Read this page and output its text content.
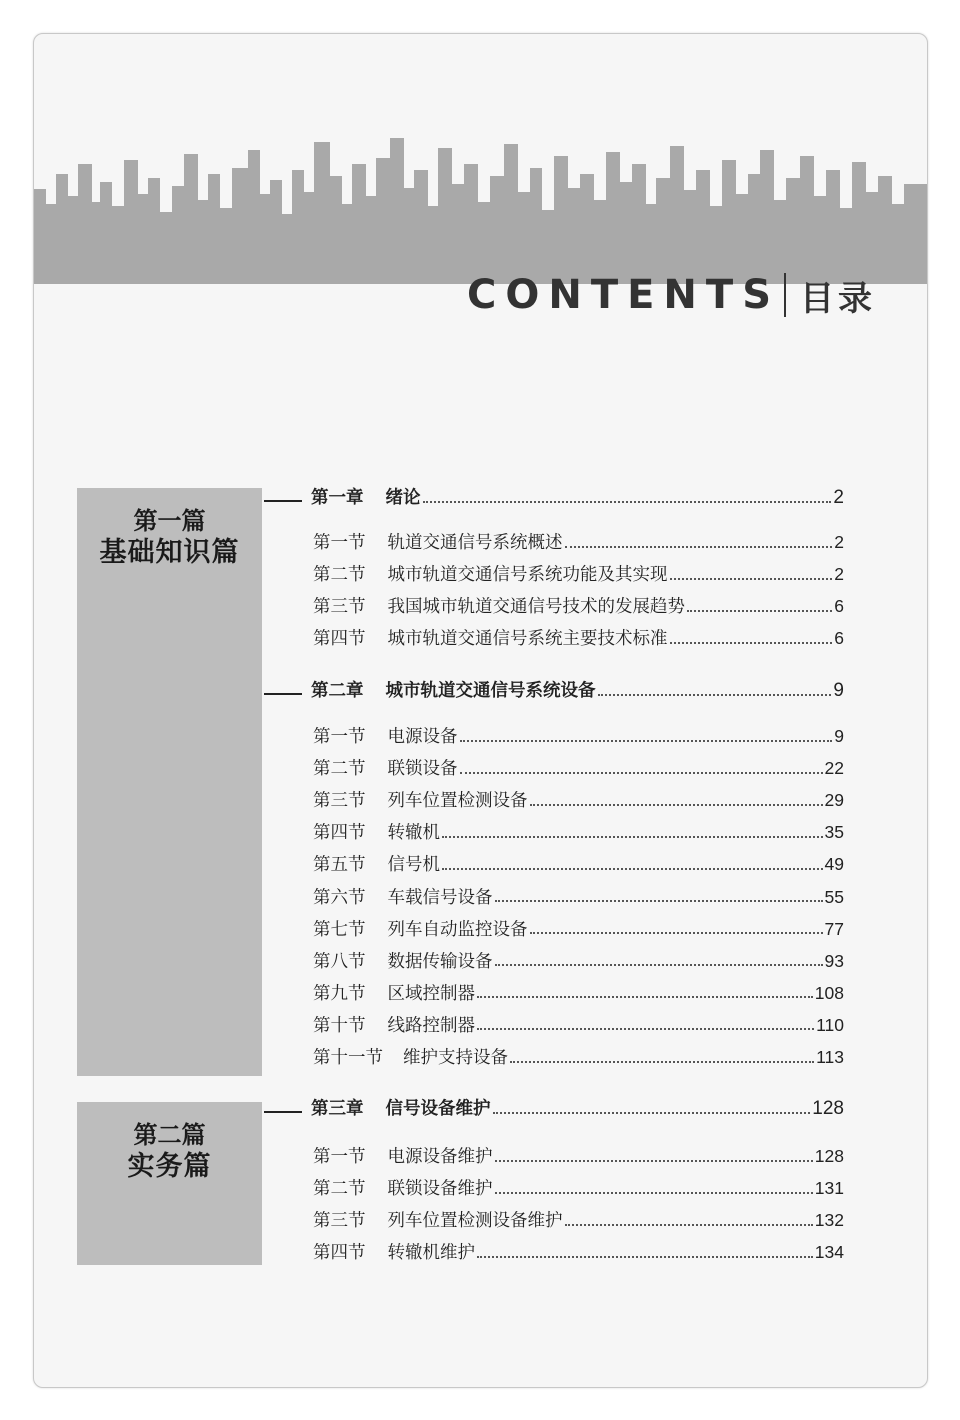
CONTENTS 目录
第一篇
基础知识篇
第二篇
实务篇
第一章 绪论	2
第一节 轨道交通信号系统概述	2
第二节 城市轨道交通信号系统功能及其实现	2
第三节 我国城市轨道交通信号技术的发展趋势	6
第四节 城市轨道交通信号系统主要技术标准	6
第二章 城市轨道交通信号系统设备	9
第一节 电源设备	9
第二节 联锁设备	22
第三节 列车位置检测设备	29
第四节 转辙机	35
第五节 信号机	49
第六节 车载信号设备	55
第七节 列车自动监控设备	77
第八节 数据传输设备	93
第九节 区域控制器	108
第十节 线路控制器	110
第十一节 维护支持设备	113
第三章 信号设备维护	128
第一节 电源设备维护	128
第二节 联锁设备维护	131
第三节 列车位置检测设备维护	132
第四节 转辙机维护	134
